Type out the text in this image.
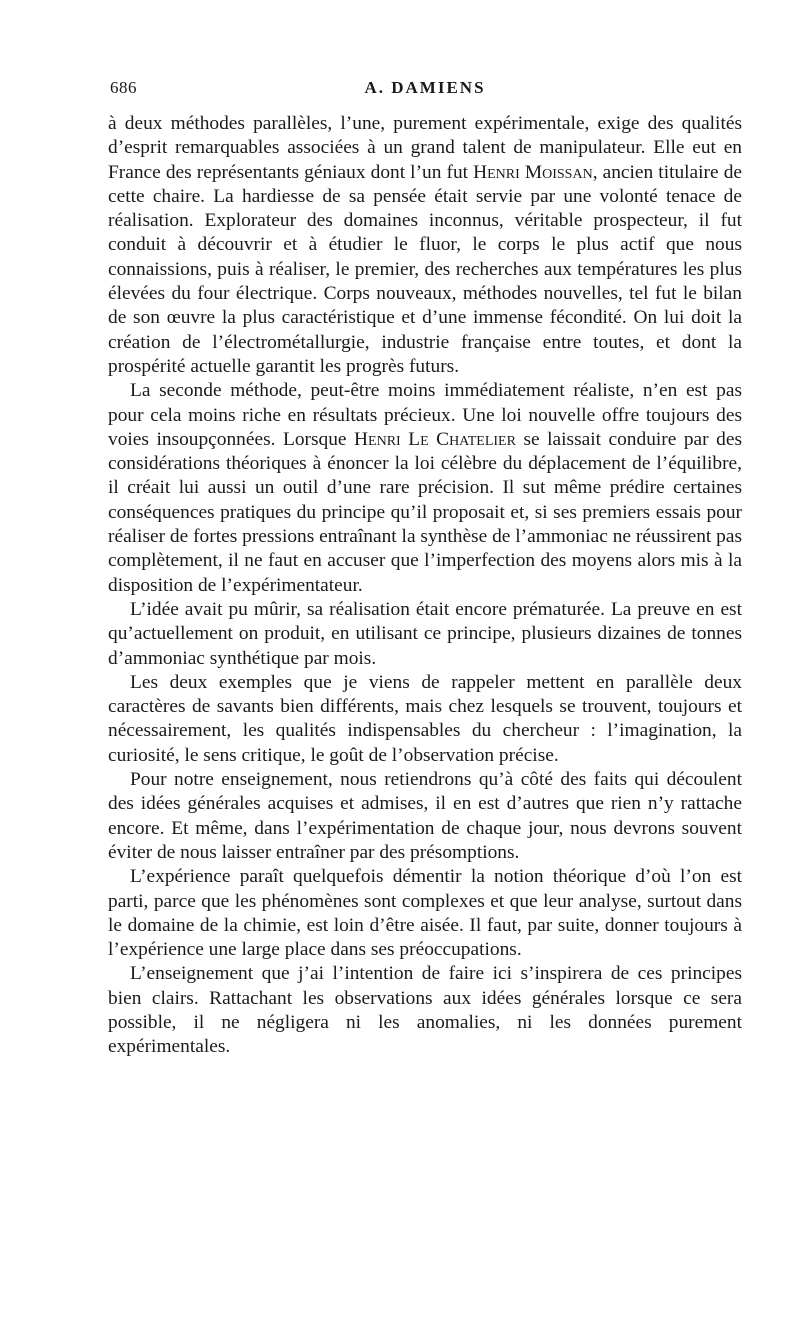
686	A. DAMIENS

à deux méthodes parallèles, l’une, purement expérimentale, exige des qualités d’esprit remarquables associées à un grand talent de manipulateur. Elle eut en France des représentants géniaux dont l’un fut Henri Moissan, ancien titulaire de cette chaire. La hardiesse de sa pensée était servie par une volonté tenace de réalisation. Explorateur des domaines inconnus, véritable prospecteur, il fut conduit à découvrir et à étudier le fluor, le corps le plus actif que nous connaissions, puis à réaliser, le premier, des recherches aux températures les plus élevées du four électrique. Corps nouveaux, méthodes nouvelles, tel fut le bilan de son œuvre la plus caractéristique et d’une immense fécondité. On lui doit la création de l’électrométallurgie, industrie française entre toutes, et dont la prospérité actuelle garantit les progrès futurs.

La seconde méthode, peut-être moins immédiatement réaliste, n’en est pas pour cela moins riche en résultats précieux. Une loi nouvelle offre toujours des voies insoupçonnées. Lorsque Henri Le Chatelier se laissait conduire par des considérations théoriques à énoncer la loi célèbre du déplacement de l’équilibre, il créait lui aussi un outil d’une rare précision. Il sut même prédire certaines conséquences pratiques du principe qu’il proposait et, si ses premiers essais pour réaliser de fortes pressions entraînant la synthèse de l’ammoniac ne réussirent pas complètement, il ne faut en accuser que l’imperfection des moyens alors mis à la disposition de l’expérimentateur.

L’idée avait pu mûrir, sa réalisation était encore prématurée. La preuve en est qu’actuellement on produit, en utilisant ce principe, plusieurs dizaines de tonnes d’ammoniac synthétique par mois.

Les deux exemples que je viens de rappeler mettent en parallèle deux caractères de savants bien différents, mais chez lesquels se trouvent, toujours et nécessairement, les qualités indispensables du chercheur : l’imagination, la curiosité, le sens critique, le goût de l’observation précise.

Pour notre enseignement, nous retiendrons qu’à côté des faits qui découlent des idées générales acquises et admises, il en est d’autres que rien n’y rattache encore. Et même, dans l’expérimentation de chaque jour, nous devrons souvent éviter de nous laisser entraîner par des présomptions.

L’expérience paraît quelquefois démentir la notion théorique d’où l’on est parti, parce que les phénomènes sont complexes et que leur analyse, surtout dans le domaine de la chimie, est loin d’être aisée. Il faut, par suite, donner toujours à l’expérience une large place dans ses préoccupations.

L’enseignement que j’ai l’intention de faire ici s’inspirera de ces principes bien clairs. Rattachant les observations aux idées générales lorsque ce sera possible, il ne négligera ni les anomalies, ni les données purement expérimentales.
